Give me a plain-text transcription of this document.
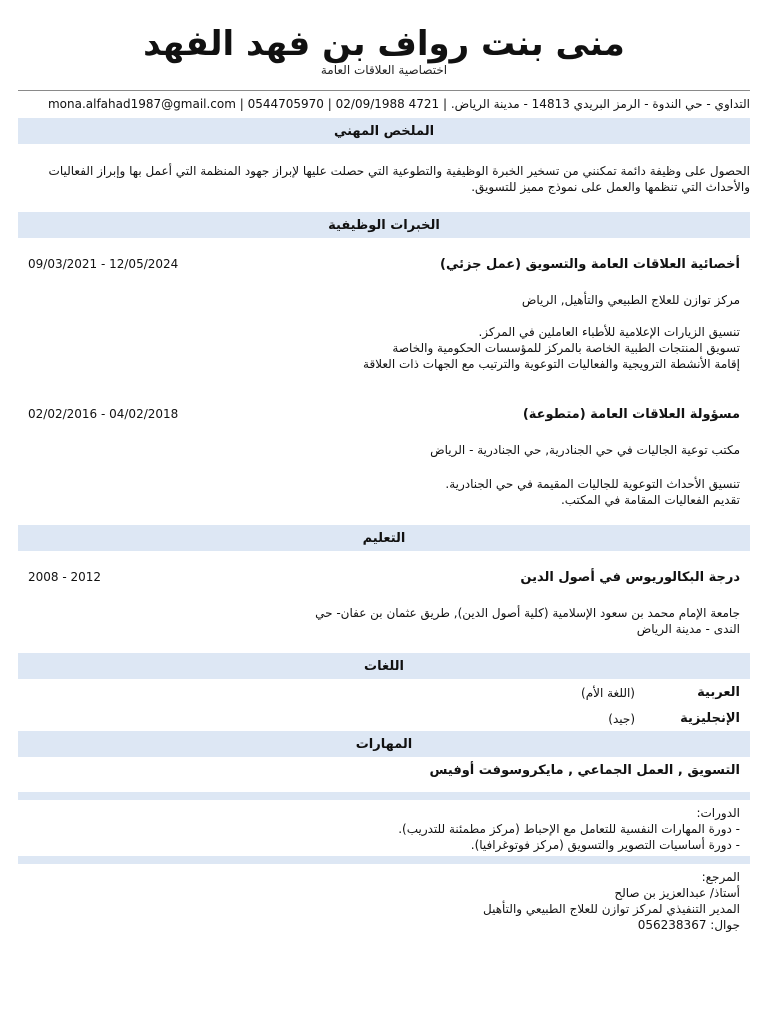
منى بنت رواف بن فهد الفهد
اختصاصية العلاقات العامة
التداوي - حي الندوة - الرمز البريدي 14813 - مدينة الرياض. | 4721 02/09/1988 | mona.alfahad1987@gmail.com | 0544705970
الملخص المهني
الحصول على وظيفة دائمة تمكنني من تسخير الخبرة الوظيفية والتطوعية التي حصلت عليها لإبراز جهود المنظمة التي أعمل بها وإبراز الفعاليات والأحداث التي تنظمها والعمل على نموذج مميز للتسويق.
الخبرات الوظيفية
أخصائية العلاقات العامة والتسويق (عمل جزئي)
09/03/2021 - 12/05/2024
مركز توازن للعلاج الطبيعي والتأهيل, الرياض
تنسيق الزيارات الإعلامية للأطباء العاملين في المركز.
تسويق المنتجات الطبية الخاصة بالمركز للمؤسسات الحكومية والخاصة
إقامة الأنشطة الترويجية والفعاليات التوعوية والترتيب مع الجهات ذات العلاقة
مسؤولة العلاقات العامة (متطوعة)
02/02/2016 - 04/02/2018
مكتب توعية الجاليات في حي الجنادرية, حي الجنادرية - الرياض
تنسيق الأحداث التوعوية للجاليات المقيمة في حي الجنادرية.
تقديم الفعاليات المقامة في المكتب.
التعليم
درجة البكالوريوس في أصول الدين
2008 - 2012
جامعة الإمام محمد بن سعود الإسلامية (كلية أصول الدين), طريق عثمان بن عفان- حي
الندى - مدينة الرياض
اللغات
العربية
(اللغة الأم)
الإنجليزية
(جيد)
المهارات
التسويق , العمل الجماعي , مايكروسوفت أوفيس
الدورات:
- دورة المهارات النفسية للتعامل مع الإحباط (مركز مطمئنة للتدريب).
- دورة أساسيات التصوير والتسويق (مركز فوتوغرافيا).
المرجع:
أستاذ/ عبدالعزيز بن صالح
المدير التنفيذي لمركز توازن للعلاج الطبيعي والتأهيل
جوال: 056238367
